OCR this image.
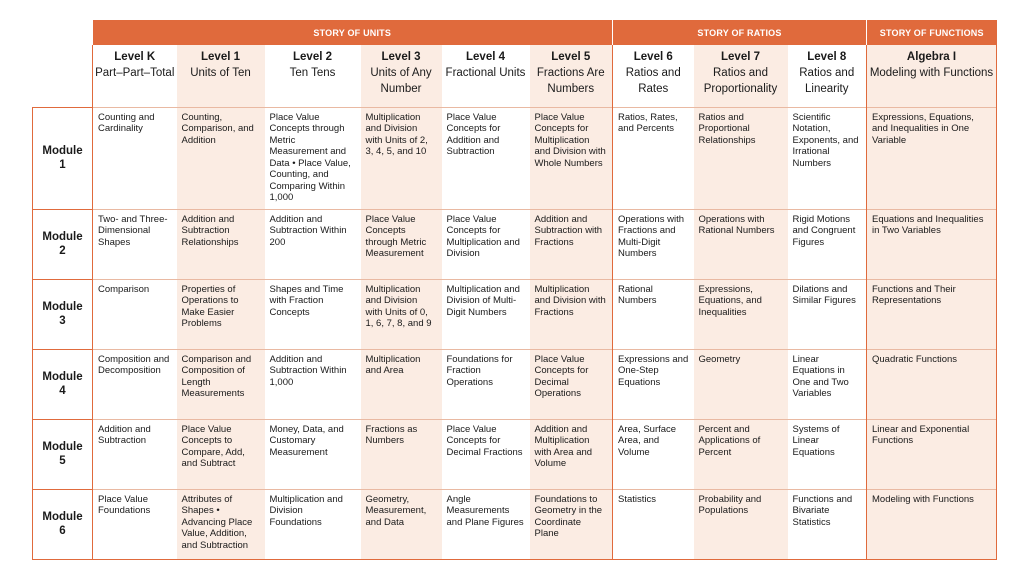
	STORY OF UNITS						STORY OF RATIOS			STORY OF FUNCTIONS
	Level K	Level 1	Level 2	Level 3	Level 4	Level 5	Level 6	Level 7	Level 8	Algebra I
	Part–Part–Total	Units of Ten	Ten Tens	Units of Any Number	Fractional Units	Fractions Are Numbers	Ratios and Rates	Ratios and Proportionality	Ratios and Linearity	Modeling with Functions
Module 1	Counting and Cardinality	Counting, Comparison, and Addition	Place Value Concepts through Metric Measurement and Data • Place Value, Counting, and Comparing Within 1,000	Multiplication and Division with Units of 2, 3, 4, 5, and 10	Place Value Concepts for Addition and Subtraction	Place Value Concepts for Multiplication and Division with Whole Numbers	Ratios, Rates, and Percents	Ratios and Proportional Relationships	Scientific Notation, Exponents, and Irrational Numbers	Expressions, Equations, and Inequalities in One Variable
Module 2	Two- and Three-Dimensional Shapes	Addition and Subtraction Relationships	Addition and Subtraction Within 200	Place Value Concepts through Metric Measurement	Place Value Concepts for Multiplication and Division	Addition and Subtraction with Fractions	Operations with Fractions and Multi-Digit Numbers	Operations with Rational Numbers	Rigid Motions and Congruent Figures	Equations and Inequalities in Two Variables
Module 3	Comparison	Properties of Operations to Make Easier Problems	Shapes and Time with Fraction Concepts	Multiplication and Division with Units of 0, 1, 6, 7, 8, and 9	Multiplication and Division of Multi-Digit Numbers	Multiplication and Division with Fractions	Rational Numbers	Expressions, Equations, and Inequalities	Dilations and Similar Figures	Functions and Their Representations
Module 4	Composition and Decomposition	Comparison and Composition of Length Measurements	Addition and Subtraction Within 1,000	Multiplication and Area	Foundations for Fraction Operations	Place Value Concepts for Decimal Operations	Expressions and One-Step Equations	Geometry	Linear Equations in One and Two Variables	Quadratic Functions
Module 5	Addition and Subtraction	Place Value Concepts to Compare, Add, and Subtract	Money, Data, and Customary Measurement	Fractions as Numbers	Place Value Concepts for Decimal Fractions	Addition and Multiplication with Area and Volume	Area, Surface Area, and Volume	Percent and Applications of Percent	Systems of Linear Equations	Linear and Exponential Functions
Module 6	Place Value Foundations	Attributes of Shapes • Advancing Place Value, Addition, and Subtraction	Multiplication and Division Foundations	Geometry, Measurement, and Data	Angle Measurements and Plane Figures	Foundations to Geometry in the Coordinate Plane	Statistics	Probability and Populations	Functions and Bivariate Statistics	Modeling with Functions
